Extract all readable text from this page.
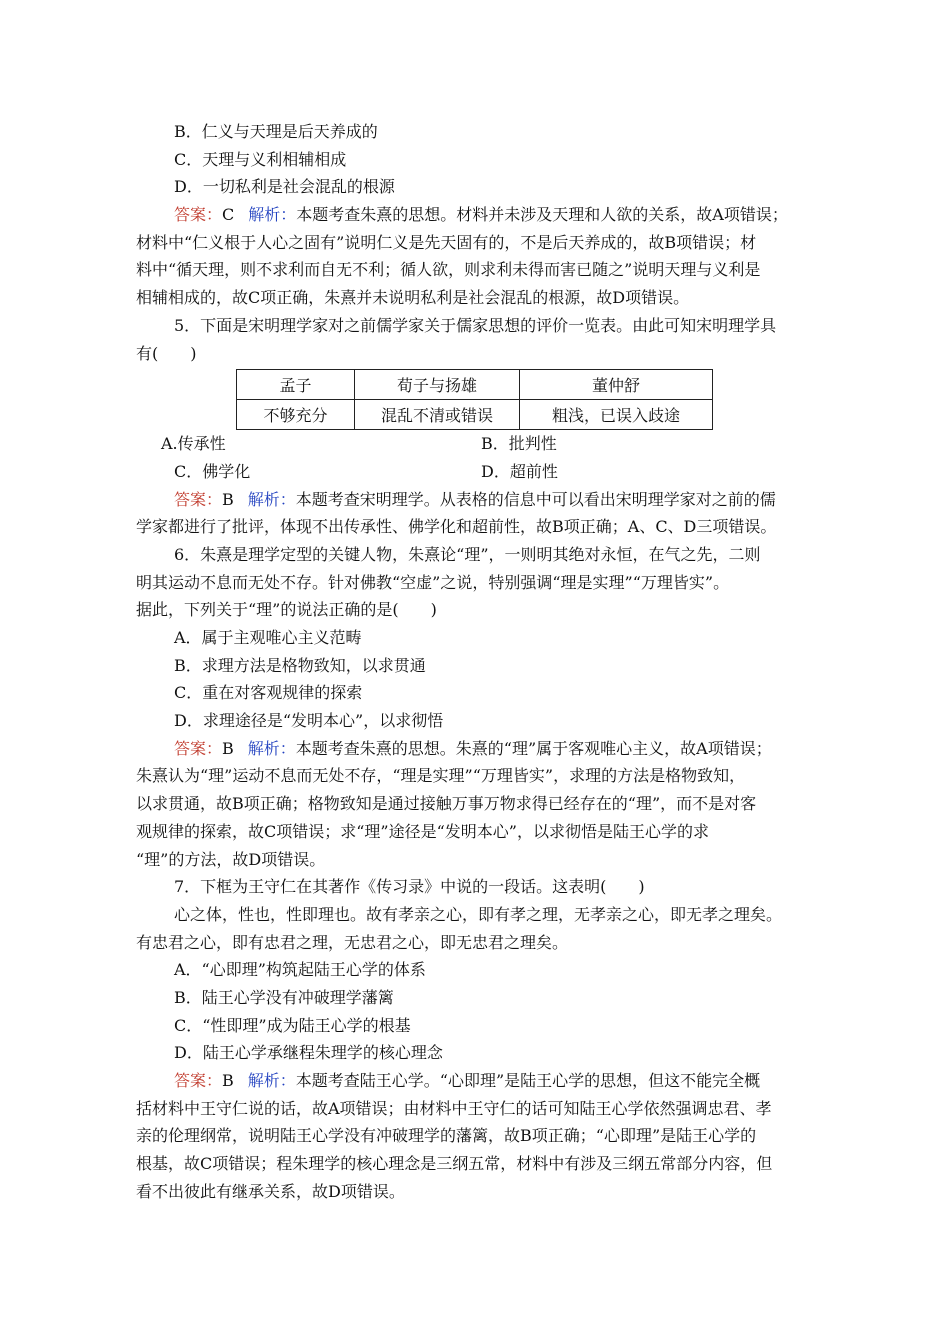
B．仁义与天理是后天养成的
C．天理与义利相辅相成
D．一切私利是社会混乱的根源
答案：C 解析：本题考查朱熹的思想。材料并未涉及天理和人欲的关系，故A项错误；
材料中“仁义根于人心之固有”说明仁义是先天固有的，不是后天养成的，故B项错误；材
料中“循天理，则不求利而自无不利；循人欲，则求利未得而害已随之”说明天理与义利是
相辅相成的，故C项正确，朱熹并未说明私利是社会混乱的根源，故D项错误。
5．下面是宋明理学家对之前儒学家关于儒家思想的评价一览表。由此可知宋明理学具
有(　　)
孟子	荀子与扬雄	董仲舒
不够充分	混乱不清或错误	粗浅，已误入歧途
A.传承性	B．批判性
C．佛学化	D．超前性
答案：B 解析：本题考查宋明理学。从表格的信息中可以看出宋明理学家对之前的儒
学家都进行了批评，体现不出传承性、佛学化和超前性，故B项正确；A、C、D三项错误。
6．朱熹是理学定型的关键人物，朱熹论“理”，一则明其绝对永恒，在气之先，二则
明其运动不息而无处不存。针对佛教“空虚”之说，特别强调“理是实理”“万理皆实”。
据此，下列关于“理”的说法正确的是(　　)
A．属于主观唯心主义范畴
B．求理方法是格物致知，以求贯通
C．重在对客观规律的探索
D．求理途径是“发明本心”，以求彻悟
答案：B 解析：本题考查朱熹的思想。朱熹的“理”属于客观唯心主义，故A项错误；
朱熹认为“理”运动不息而无处不存，“理是实理”“万理皆实”，求理的方法是格物致知，
以求贯通，故B项正确；格物致知是通过接触万事万物求得已经存在的“理”，而不是对客
观规律的探索，故C项错误；求“理”途径是“发明本心”，以求彻悟是陆王心学的求
“理”的方法，故D项错误。
7．下框为王守仁在其著作《传习录》中说的一段话。这表明(　　)
心之体，性也，性即理也。故有孝亲之心，即有孝之理，无孝亲之心，即无孝之理矣。
有忠君之心，即有忠君之理，无忠君之心，即无忠君之理矣。
A．“心即理”构筑起陆王心学的体系
B．陆王心学没有冲破理学藩篱
C．“性即理”成为陆王心学的根基
D．陆王心学承继程朱理学的核心理念
答案：B 解析：本题考查陆王心学。“心即理”是陆王心学的思想，但这不能完全概
括材料中王守仁说的话，故A项错误；由材料中王守仁的话可知陆王心学依然强调忠君、孝
亲的伦理纲常，说明陆王心学没有冲破理学的藩篱，故B项正确；“心即理”是陆王心学的
根基，故C项错误；程朱理学的核心理念是三纲五常，材料中有涉及三纲五常部分内容，但
看不出彼此有继承关系，故D项错误。
